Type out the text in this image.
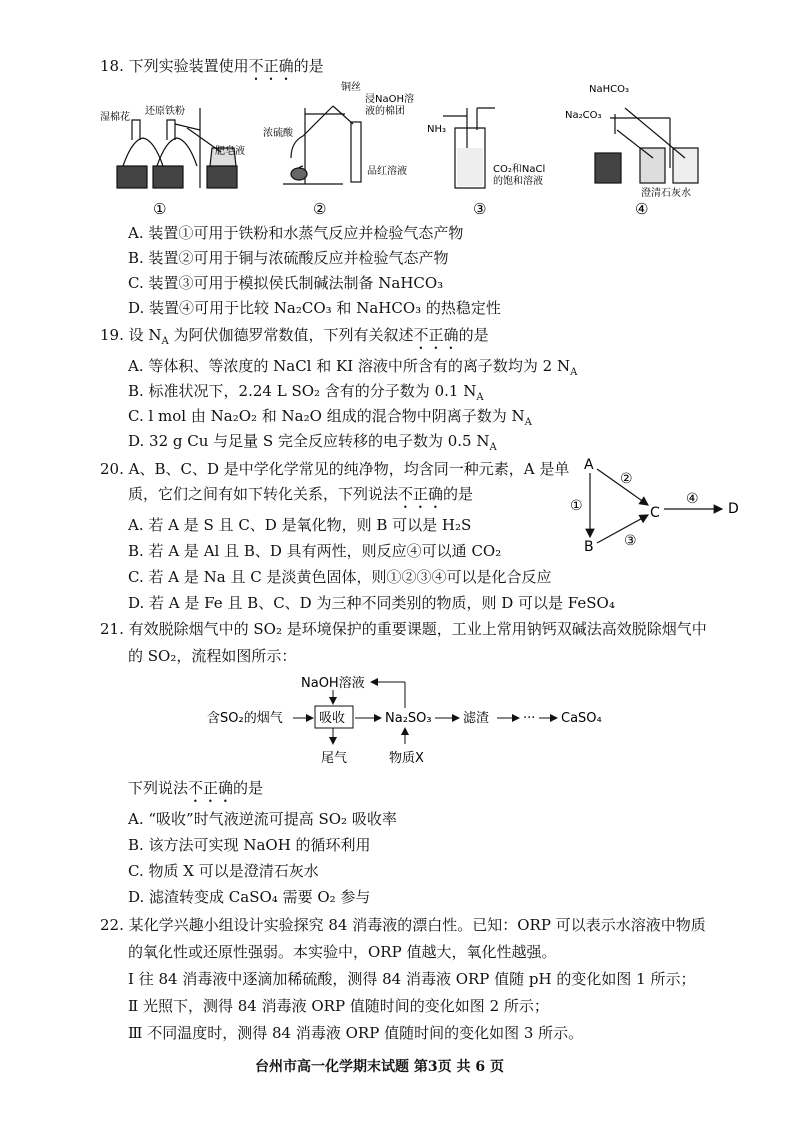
18. 下列实验装置使用不正确的是
湿棉花
还原铁粉
肥皂液
①
浓硫酸
铜丝
浸NaOH溶
液的棉团
品红溶液
②
NH₃
CO₂和NaCl
的饱和溶液
③
NaHCO₃
Na₂CO₃
澄清石灰水
④
A. 装置①可用于铁粉和水蒸气反应并检验气态产物
B. 装置②可用于铜与浓硫酸反应并检验气态产物
C. 装置③可用于模拟侯氏制碱法制备 NaHCO₃
D. 装置④可用于比较 Na₂CO₃ 和 NaHCO₃ 的热稳定性
19. 设 $N_A$ 为阿伏伽德罗常数值，下列有关叙述不正确的是
A. 等体积、等浓度的 NaCl 和 KI 溶液中所含有的离子数均为 2 $N_A$
B. 标准状况下，2.24 L SO₂ 含有的分子数为 0.1 $N_A$
C. l mol 由 Na₂O₂ 和 Na₂O 组成的混合物中阴离子数为 $N_A$
D. 32 g Cu 与足量 S 完全反应转移的电子数为 0.5 $N_A$
20. A、B、C、D 是中学化学常见的纯净物，均含同一种元素，A 是单
质，它们之间有如下转化关系，下列说法不正确的是
A
B
C	D
①
②
③
④
A. 若 A 是 S 且 C、D 是氧化物，则 B 可以是 H₂S
B. 若 A 是 Al 且 B、D 具有两性，则反应④可以通 CO₂
C. 若 A 是 Na 且 C 是淡黄色固体，则①②③④可以是化合反应
D. 若 A 是 Fe 且 B、C、D 为三种不同类别的物质，则 D 可以是 FeSO₄
21. 有效脱除烟气中的 SO₂ 是环境保护的重要课题，工业上常用钠钙双碱法高效脱除烟气中
的 SO₂，流程如图所示：
NaOH溶液
含SO₂的烟气	吸收	Na₂SO₃ 滤渣	··· CaSO₄
尾气	物质X
下列说法不正确的是
A. “吸收”时气液逆流可提高 SO₂ 吸收率
B. 该方法可实现 NaOH 的循环利用
C. 物质 X 可以是澄清石灰水
D. 滤渣转变成 CaSO₄ 需要 O₂ 参与
22. 某化学兴趣小组设计实验探究 84 消毒液的漂白性。已知：ORP 可以表示水溶液中物质
的氧化性或还原性强弱。本实验中，ORP 值越大，氧化性越强。
Ⅰ 往 84 消毒液中逐滴加稀硫酸，测得 84 消毒液 ORP 值随 pH 的变化如图 1 所示；
Ⅱ 光照下，测得 84 消毒液 ORP 值随时间的变化如图 2 所示；
Ⅲ 不同温度时，测得 84 消毒液 ORP 值随时间的变化如图 3 所示。
台州市高一化学期末试题 第3页 共 6 页
